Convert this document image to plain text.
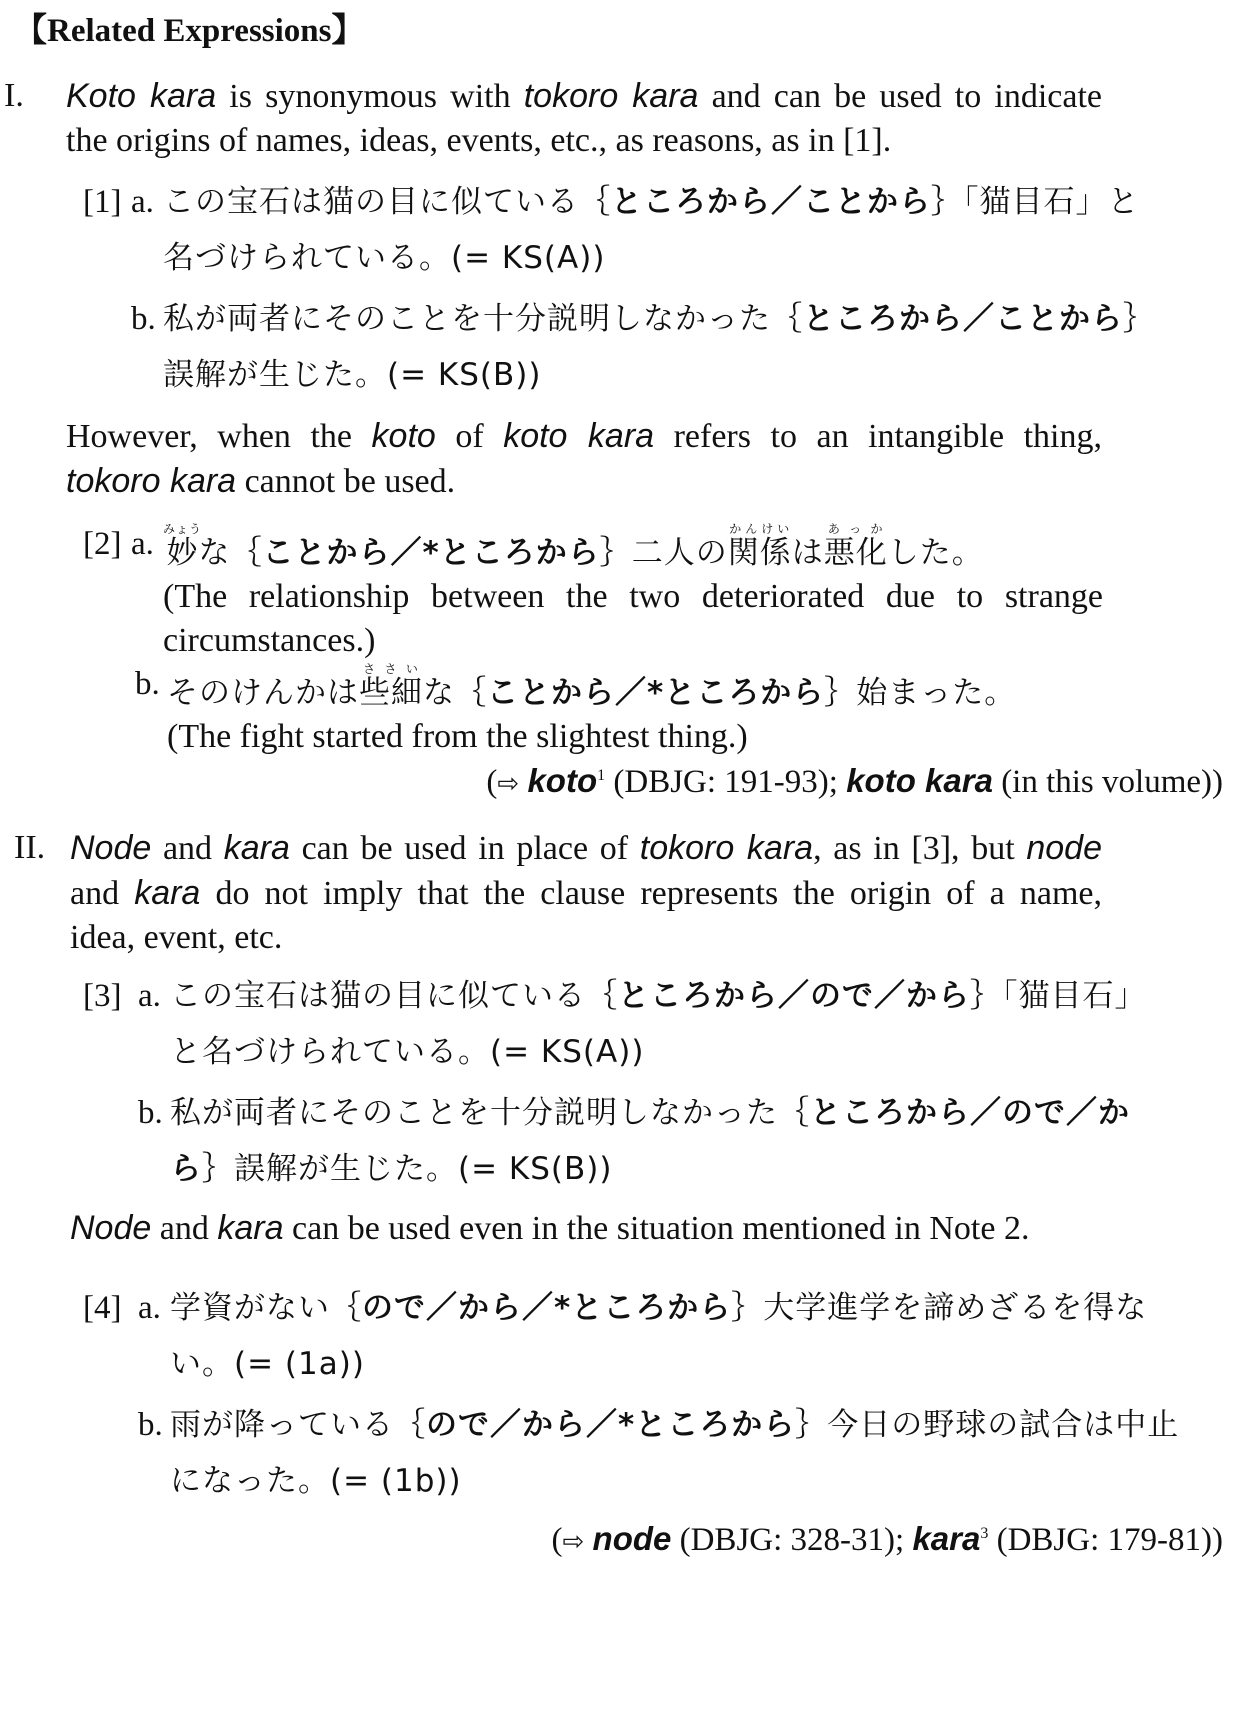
【Related Expressions】
I. Koto kara is synonymous with tokoro kara and can be used to indicate
the origins of names, ideas, events, etc., as reasons, as in [1].
[1] a. この宝石は猫の目に似ている｛ところから／ことから｝「猫目石」と
名づけられている。(= KS(A))
b. 私が両者にそのことを十分説明しなかった｛ところから／ことから｝
誤解が生じた。(= KS(B))
However, when the koto of koto kara refers to an intangible thing,
tokoro kara cannot be used.
[2] a. 妙みょうな｛ことから／*ところから｝二人の関係かんけいは悪化あっかした。
(The relationship between the two deteriorated due to strange
circumstances.)
b. そのけんかは些細ささいな｛ことから／*ところから｝始まった。
(The fight started from the slightest thing.)
(⇨ koto$^1$ (DBJG: 191-93); koto kara (in this volume))
II. Node and kara can be used in place of tokoro kara, as in [3], but node
and kara do not imply that the clause represents the origin of a name,
idea, event, etc.
[3] a. この宝石は猫の目に似ている｛ところから／ので／から｝「猫目石」
と名づけられている。(= KS(A))
b. 私が両者にそのことを十分説明しなかった｛ところから／ので／か
ら｝誤解が生じた。(= KS(B))
Node and kara can be used even in the situation mentioned in Note 2.
[4] a. 学資がない｛ので／から／*ところから｝大学進学を諦めざるを得な
い。(= (1a))
b. 雨が降っている｛ので／から／*ところから｝今日の野球の試合は中止
になった。(= (1b))
(⇨ node (DBJG: 328-31); kara$^3$ (DBJG: 179-81))
